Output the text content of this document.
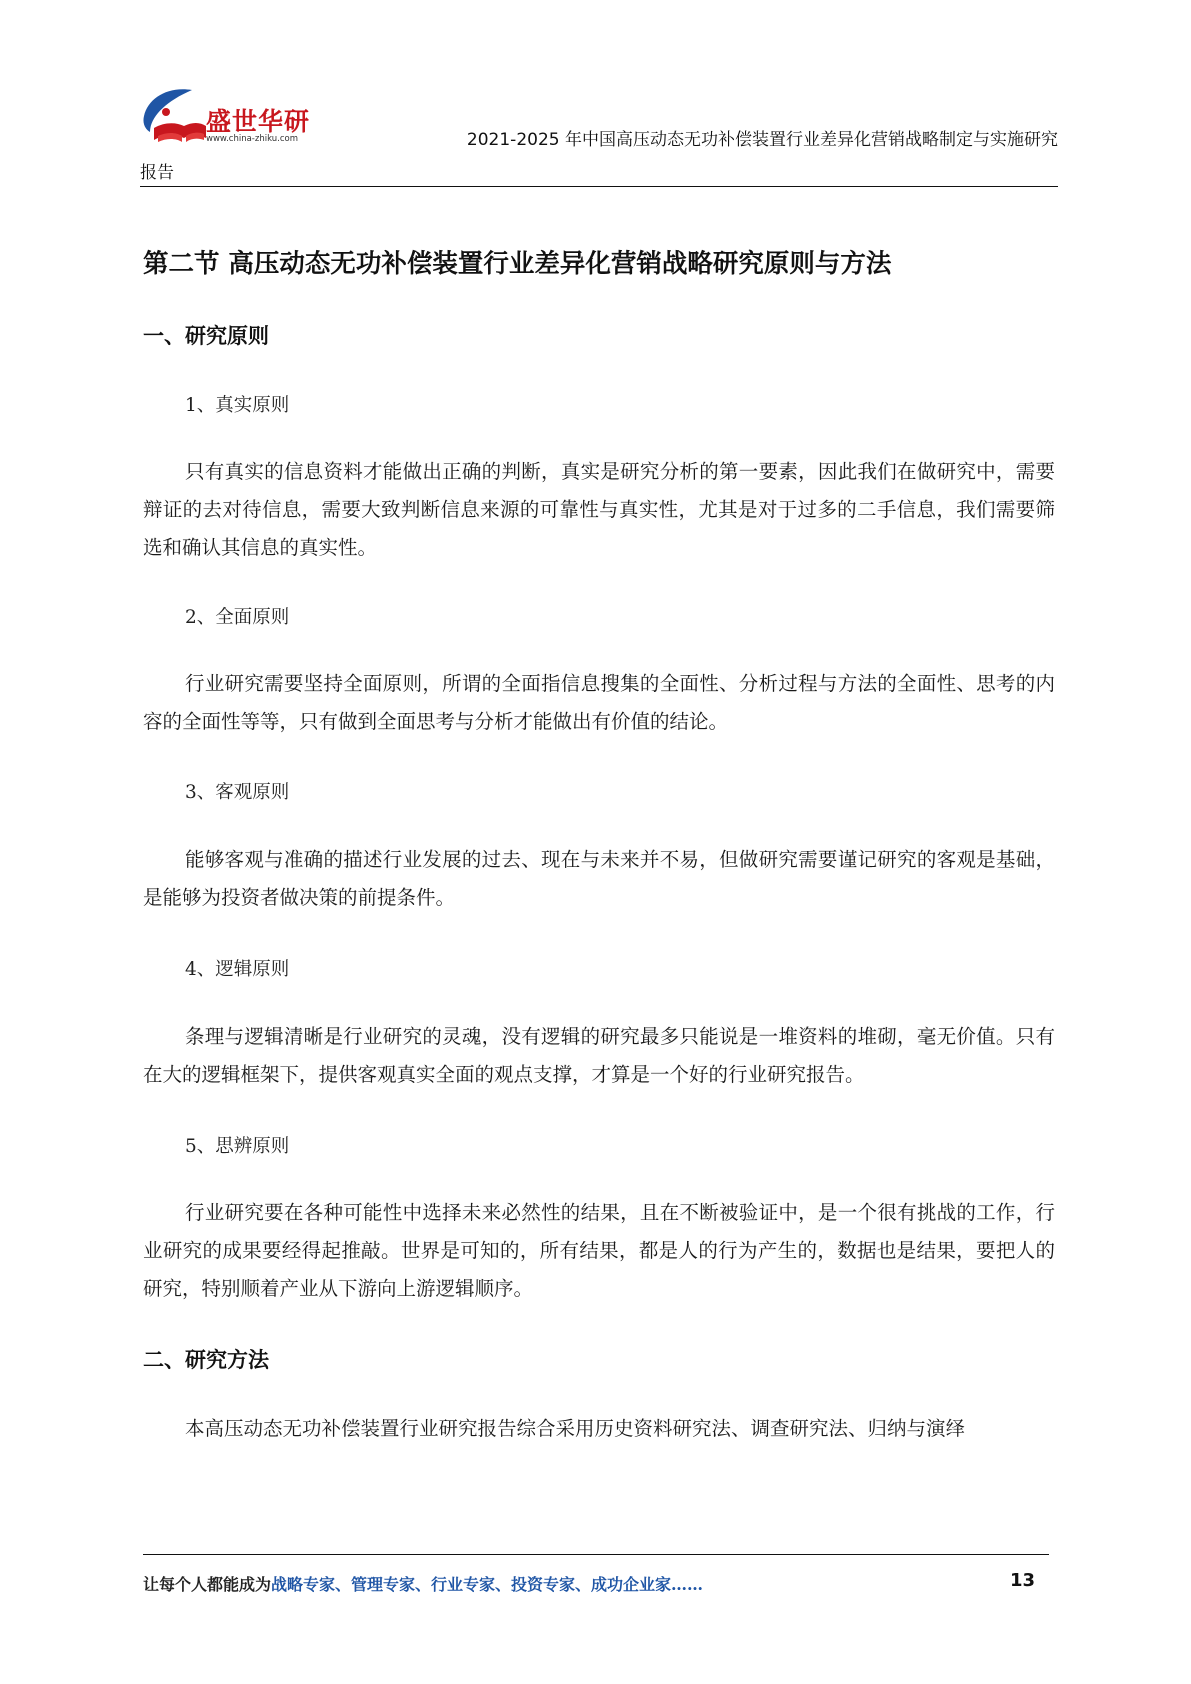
盛世华研
www.china-zhiku.com	2021-2025 年中国高压动态无功补偿装置行业差异化营销战略制定与实施研究
报告
第二节 高压动态无功补偿装置行业差异化营销战略研究原则与方法
一、研究原则
1、真实原则

只有真实的信息资料才能做出正确的判断，真实是研究分析的第一要素，因此我们在做研究中，需要辩证的去对待信息，需要大致判断信息来源的可靠性与真实性，尤其是对于过多的二手信息，我们需要筛选和确认其信息的真实性。

2、全面原则

行业研究需要坚持全面原则，所谓的全面指信息搜集的全面性、分析过程与方法的全面性、思考的内容的全面性等等，只有做到全面思考与分析才能做出有价值的结论。

3、客观原则

能够客观与准确的描述行业发展的过去、现在与未来并不易，但做研究需要谨记研究的客观是基础，是能够为投资者做决策的前提条件。

4、逻辑原则

条理与逻辑清晰是行业研究的灵魂，没有逻辑的研究最多只能说是一堆资料的堆砌，毫无价值。只有在大的逻辑框架下，提供客观真实全面的观点支撑，才算是一个好的行业研究报告。

5、思辨原则

行业研究要在各种可能性中选择未来必然性的结果，且在不断被验证中，是一个很有挑战的工作，行业研究的成果要经得起推敲。世界是可知的，所有结果，都是人的行为产生的，数据也是结果，要把人的研究，特别顺着产业从下游向上游逻辑顺序。

二、研究方法

本高压动态无功补偿装置行业研究报告综合采用历史资料研究法、调查研究法、归纳与演绎

让每个人都能成为战略专家、管理专家、行业专家、投资专家、成功企业家……	13
